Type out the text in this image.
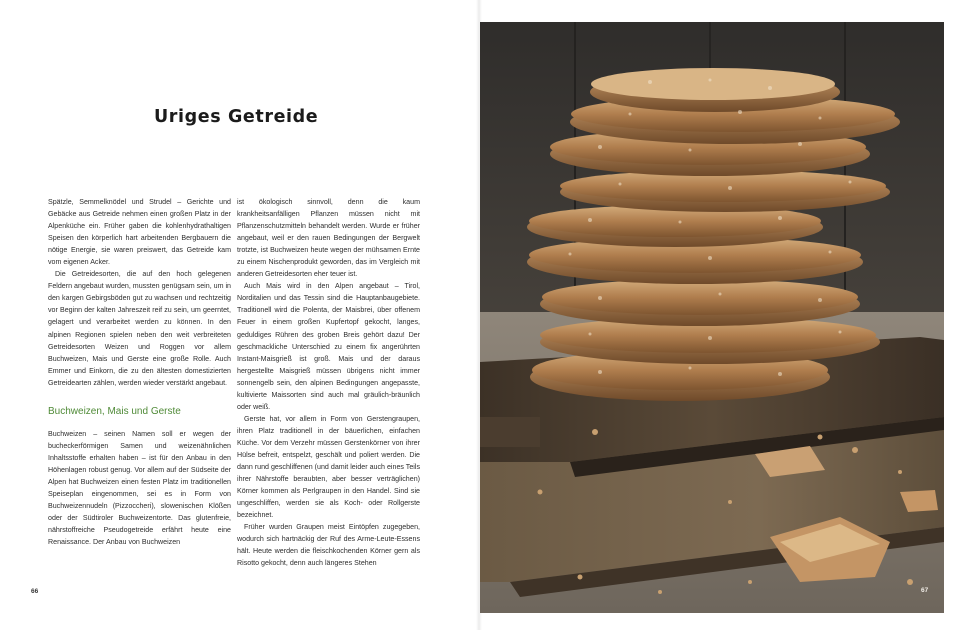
Uriges Getreide

Spätzle, Semmelknödel und Strudel – Gerichte und Gebäcke aus Getreide nehmen einen großen Platz in der Alpenküche ein. Früher gaben die kohlenhydrathaltigen Speisen den körperlich hart arbeitenden Bergbauern die nötige Energie, sie waren preiswert, das Getreide kam vom eigenen Acker.

Die Getreidesorten, die auf den hoch gelegenen Feldern angebaut wurden, mussten genügsam sein, um in den kargen Gebirgsböden gut zu wachsen und rechtzeitig vor Beginn der kalten Jahreszeit reif zu sein, um geerntet, gelagert und verarbeitet werden zu können. In den alpinen Regionen spielen neben den weit verbreiteten Getreidesorten Weizen und Roggen vor allem Buchweizen, Mais und Gerste eine große Rolle. Auch Emmer und Einkorn, die zu den ältesten domestizierten Getreidearten zählen, werden wieder verstärkt angebaut.

Buchweizen, Mais und Gerste

Buchweizen – seinen Namen soll er wegen der bucheckerförmigen Samen und weizenähnlichen Inhaltsstoffe erhalten haben – ist für den Anbau in den Höhenlagen robust genug. Vor allem auf der Südseite der Alpen hat Buchweizen einen festen Platz im traditionellen Speiseplan eingenommen, sei es in Form von Buchweizennudeln (Pizzoccheri), slowenischen Klößen oder der Südtiroler Buchweizentorte. Das glutenfreie, nährstoffreiche Pseudogetreide erfährt heute eine Renaissance. Der Anbau von Buchweizen

ist ökologisch sinnvoll, denn die kaum krankheitsanfälligen Pflanzen müssen nicht mit Pflanzenschutzmitteln behandelt werden. Wurde er früher angebaut, weil er den rauen Bedingungen der Bergwelt trotzte, ist Buchweizen heute wegen der mühsamen Ernte zu einem Nischenprodukt geworden, das im Vergleich mit anderen Getreidesorten eher teuer ist.

Auch Mais wird in den Alpen angebaut – Tirol, Norditalien und das Tessin sind die Hauptanbaugebiete. Traditionell wird die Polenta, der Maisbrei, über offenem Feuer in einem großen Kupfertopf gekocht, langes, geduldiges Rühren des groben Breis gehört dazu! Der geschmackliche Unterschied zu einem fix angerührten Instant-Maisgrieß ist groß. Mais und der daraus hergestellte Maisgrieß müssen übrigens nicht immer sonnengelb sein, den alpinen Bedingungen angepasste, kultivierte Maissorten sind auch mal gräulich-bräunlich oder weiß.

Gerste hat, vor allem in Form von Gerstengraupen, ihren Platz traditionell in der bäuerlichen, einfachen Küche. Vor dem Verzehr müssen Gerstenkörner von ihrer Hülse befreit, entspelzt, geschält und poliert werden. Die dann rund geschliffenen (und damit leider auch eines Teils ihrer Nährstoffe beraubten, aber besser verträglichen) Körner kommen als Perlgraupen in den Handel. Sind sie ungeschliffen, werden sie als Koch- oder Rollgerste bezeichnet.

Früher wurden Graupen meist Eintöpfen zugegeben, wodurch sich hartnäckig der Ruf des Arme-Leute-Essens hält. Heute werden die fleischkochenden Körner gern als Risotto gekocht, denn auch längeres Stehen

66	67
